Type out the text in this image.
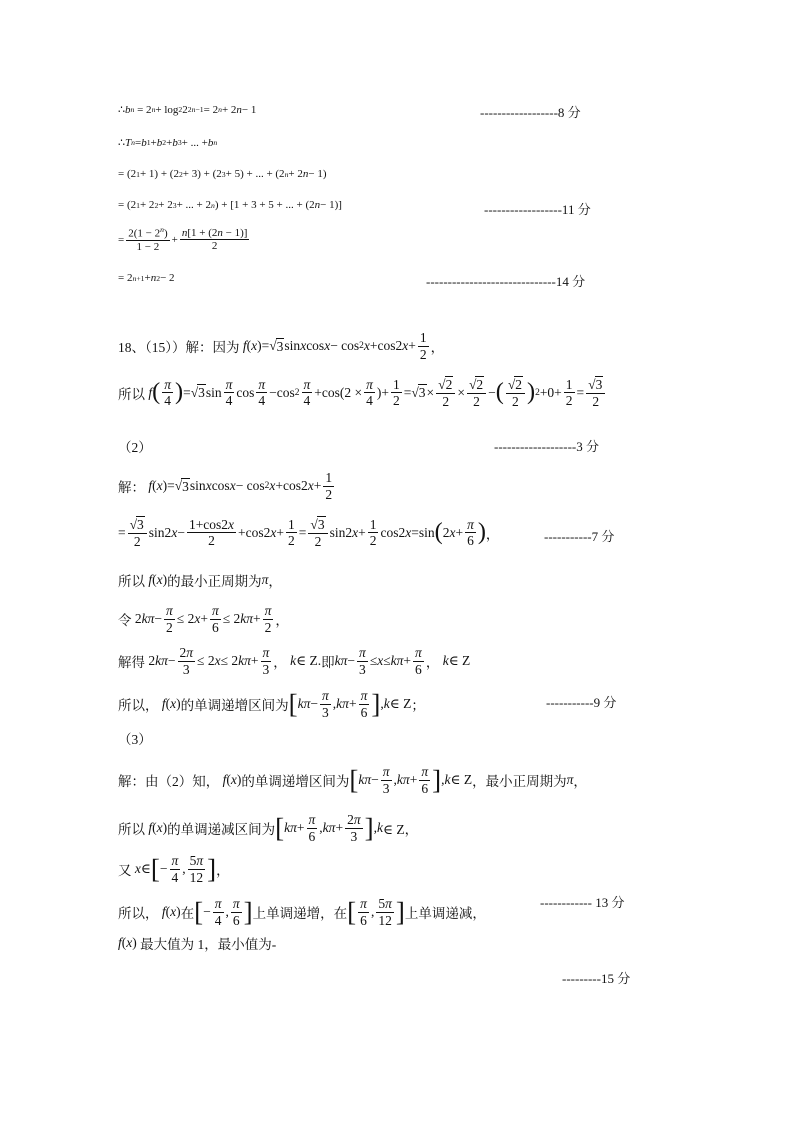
∴ b n = 2 n + log 2 2 2n−1 = 2 n + 2 n − 1	------------------8 分
∴ T n = b 1 + b 2 + b 3 + ... + b n
= (2 1 + 1) + (2 2 + 3) + (2 3 + 5) + ... + (2 n + 2 n − 1)
= (2 1 + 2 2 + 2 3 + ... + 2 n ) + [1 + 3 + 5 + ... + (2 n − 1)]	------------------11 分
= $\frac{2(1 - 2^n)}{1 - 2} + \frac{n[1 + (2n - 1)]}{2}$
= 2 n+1 + n 2 − 2	------------------------------14 分
18、（15））解：因为
f ( x )=√ 3 sin x cos x − cos 2 x +cos2 $x + \frac{1}{2}$ ，
所以
f ( $\frac{\pi}{4}$ ) =√ 3 $\sin \frac{\pi}{4}$ $\cos \frac{\pi}{4} -\cos$ $2 \frac{\pi}{4} +\cos(2 \times \frac{\pi}{4}$ )+ $\frac{1}{2}$ =√ $3 \times \frac{√2}{2} \times \frac{√2}{2}$ − ( $\frac{√2}{2}$ ) $2 +0+ \frac{1}{2} = \frac{√3}{2}$
（2）	-------------------3 分
解：
f ( x )=√ 3 sin x cos x − cos 2 x +cos2 $x + \frac{1}{2}$
= $\frac{√3}{2} \sin 2$ $x - \frac{1+\cos 2x}{2} +\cos 2$ $x + \frac{1}{2} = \frac{√3}{2} \sin 2$ $x + \frac{1}{2} \cos 2$ x =sin ( 2 $x + \frac{\pi}{6}$ ) ，	-----------7 分
所以
f ( x ) 的最小正周期为 π ，
令 2 $k\pi - \frac{\pi}{2} \le 2$ $x + \frac{\pi}{6} \le 2$ $k\pi + \frac{\pi}{2}$ ，
解得 2 $k\pi - \frac{2\pi}{3} \le 2$ x ≤ 2 $k\pi + \frac{\pi}{3}$ ， k ∈ Z. 即 $k\pi - \frac{\pi}{3} \le x \le k\pi + \frac{\pi}{6}$ ， k ∈ Z
所以，
f ( x ) 的单调递增区间为 [ $k\pi - \frac{\pi}{3}$ , $k\pi + \frac{\pi}{6}$ ] , k ∈ Z ；	-----------9 分
（3）
解：由（2）知，
f ( x ) 的单调递增区间为 [ $k\pi - \frac{\pi}{3}$ , $k\pi + \frac{\pi}{6}$ ] , k ∈ Z ，最小正周期为 π ，
所以
f ( x ) 的单调递减区间为 [ $k\pi + \frac{\pi}{6}$ , $k\pi + \frac{2\pi}{3}$ ] , k ∈ Z，
又
x ∈ [ − $\frac{\pi}{4}$ , $\frac{5\pi}{12}$ ] ，
所以，
f ( x ) 在 [ − $\frac{\pi}{4}$ , $\frac{\pi}{6}$ ] 上单调递增，在 [ $\frac{\pi}{6}$ , $\frac{5\pi}{12}$ ] 上单调递减，
------------ 13 分
f ( x ) 最大值为 1，最小值为-
---------15 分
